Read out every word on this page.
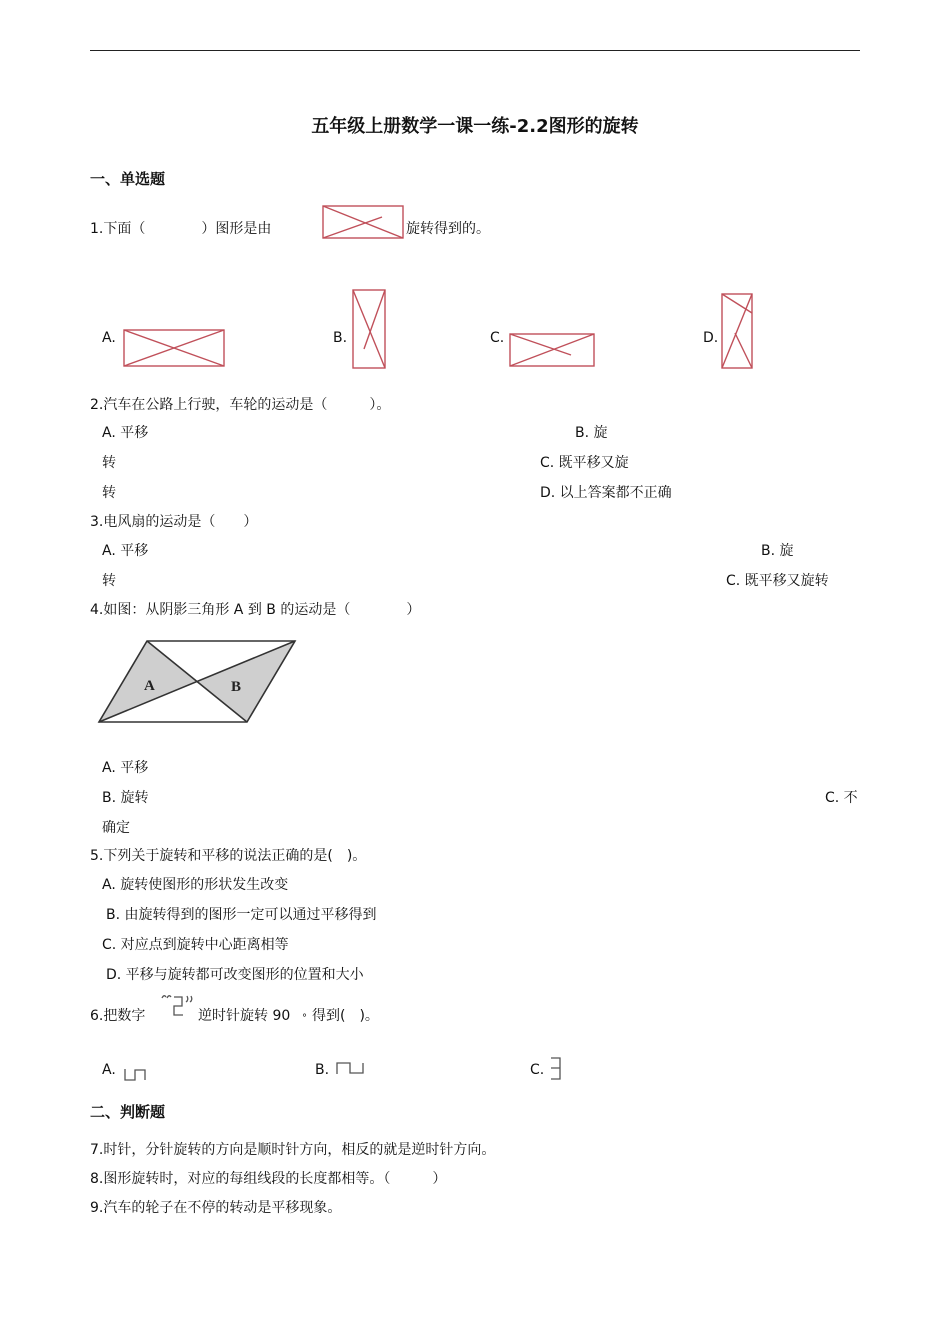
五年级上册数学一课一练-2.2图形的旋转
一、单选题
1.下面（　　　　）图形是由	旋转得到的。
A.	B.	C.	D.
2.汽车在公路上行驶，车轮的运动是（　　　）。
A. 平移	B. 旋
转	C. 既平移又旋
转	D. 以上答案都不正确
3.电风扇的运动是（　　）
A. 平移	B. 旋
转	C. 既平移又旋转
4.如图：从阴影三角形 A 到 B 的运动是（　　　　）
A	B
A. 平移
B. 旋转	C. 不
确定
5.下列关于旋转和平移的说法正确的是(　)。
A. 旋转使图形的形状发生改变
B. 由旋转得到的图形一定可以通过平移得到
C. 对应点到旋转中心距离相等
D. 平移与旋转都可改变图形的位置和大小
6.把数字	逆时针旋转 90 ° 得到(　)。
A.	B.	C.
二、判断题
7.时针，分针旋转的方向是顺时针方向，相反的就是逆时针方向。
8.图形旋转时，对应的每组线段的长度都相等。（　　　）
9.汽车的轮子在不停的转动是平移现象。
